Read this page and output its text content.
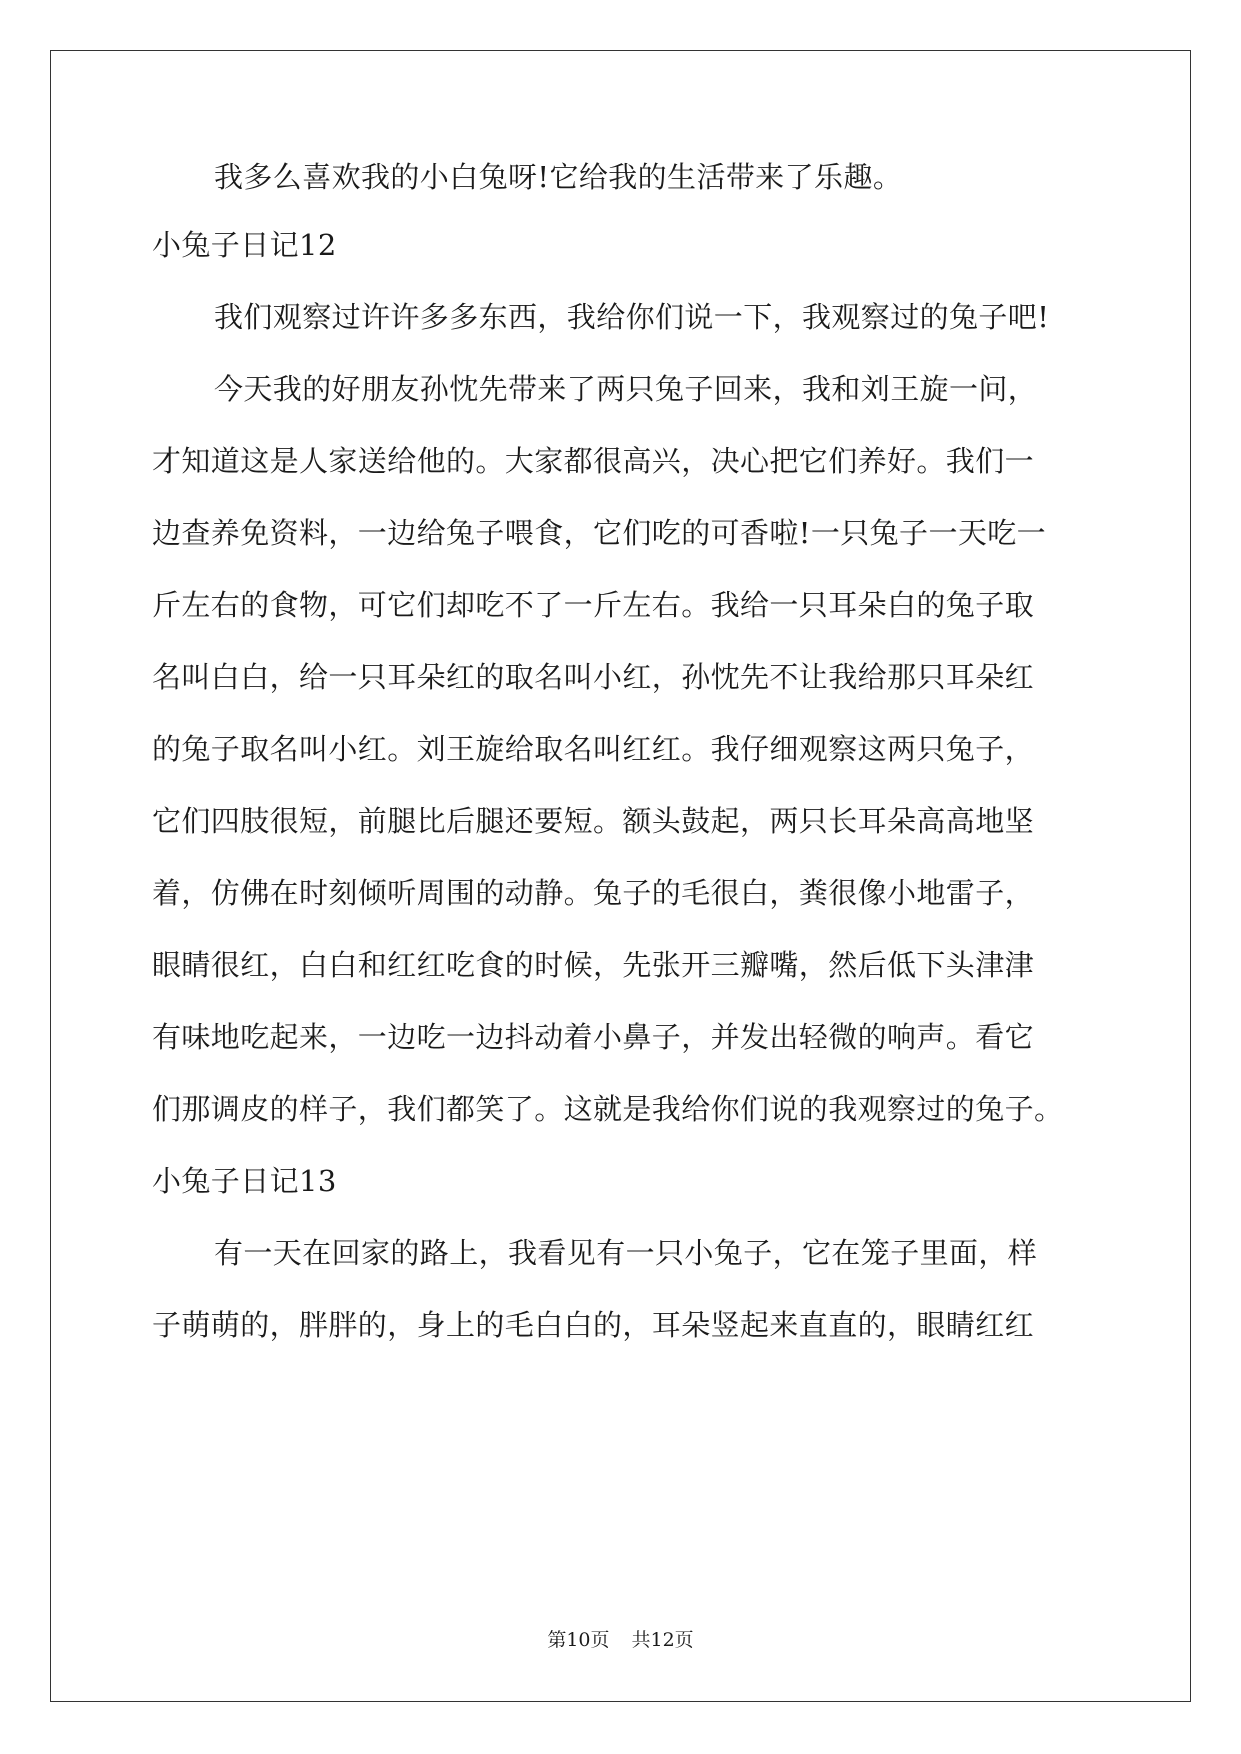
我多么喜欢我的小白兔呀!它给我的生活带来了乐趣。
小兔子日记12
我们观察过许许多多东西，我给你们说一下，我观察过的兔子吧!
今天我的好朋友孙忱先带来了两只兔子回来，我和刘王旋一问，
才知道这是人家送给他的。大家都很高兴，决心把它们养好。我们一
边查养免资料，一边给兔子喂食，它们吃的可香啦!一只兔子一天吃一
斤左右的食物，可它们却吃不了一斤左右。我给一只耳朵白的兔子取
名叫白白，给一只耳朵红的取名叫小红，孙忱先不让我给那只耳朵红
的兔子取名叫小红。刘王旋给取名叫红红。我仔细观察这两只兔子，
它们四肢很短，前腿比后腿还要短。额头鼓起，两只长耳朵高高地坚
着，仿佛在时刻倾听周围的动静。兔子的毛很白，粪很像小地雷子，
眼睛很红，白白和红红吃食的时候，先张开三瓣嘴，然后低下头津津
有味地吃起来，一边吃一边抖动着小鼻子，并发出轻微的响声。看它
们那调皮的样子，我们都笑了。这就是我给你们说的我观察过的兔子。
小兔子日记13
有一天在回家的路上，我看见有一只小兔子，它在笼子里面，样
子萌萌的，胖胖的，身上的毛白白的，耳朵竖起来直直的，眼睛红红
第10页 共12页
